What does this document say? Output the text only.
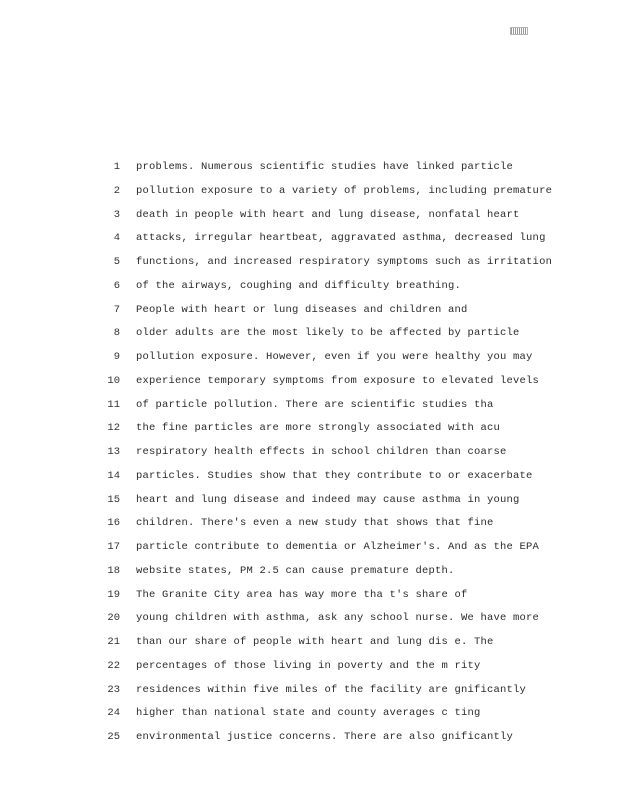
1 problems. Numerous scientific studies have linked particle
2 pollution exposure to a variety of problems, including premature
3 death in people with heart and lung disease, nonfatal heart
4 attacks, irregular heartbeat, aggravated asthma, decreased lung
5 functions, and increased respiratory symptoms such as irritation
6 of the airways, coughing and difficulty breathing.
7 People with heart or lung diseases and children and
8 older adults are the most likely to be affected by particle
9 pollution exposure. However, even if you were healthy you may
10 experience temporary symptoms from exposure to elevated levels
11 of particle pollution. There are scientific studies tha
12 the fine particles are more strongly associated with acu
13 respiratory health effects in school children than coarse
14 particles. Studies show that they contribute to or exacerbate
15 heart and lung disease and indeed may cause asthma in young
16 children. There's even a new study that shows that fine
17 particle contribute to dementia or Alzheimer's. And as the EPA
18 website states, PM 2.5 can cause premature depth.
19 The Granite City area has way more tha t's share of
20 young children with asthma, ask any school nurse. We have more
21 than our share of people with heart and lung dis e. The
22 percentages of those living in poverty and the m rity
23 residences within five miles of the facility are gnificantly
24 higher than national state and county averages c ting
25 environmental justice concerns. There are also gnificantly
